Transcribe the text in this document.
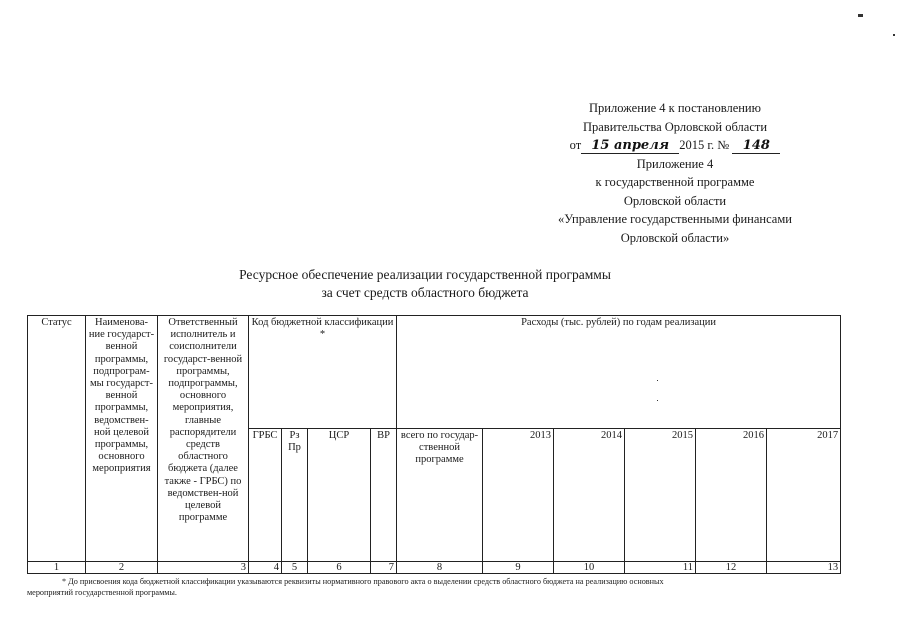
Приложение 4 к постановлению
Правительства Орловской области
от 15 апреля 2015 г. № 148
Приложение 4
к государственной программе
Орловской области
«Управление государственными финансами
Орловской области»
Ресурсное обеспечение реализации государственной программы
за счет средств областного бюджета
Статус	Наименова-ние государст-венной программы, подпрограм-мы государст-венной программы, ведомствен-ной целевой программы, основного мероприятия	Ответственный исполнитель и соисполнители государст-венной программы, подпрограммы, основного мероприятия, главные распорядители средств областного бюджета (далее также - ГРБС) по ведомствен-ной целевой программе	Код бюджетной классификации *				Расходы (тыс. рублей) по годам реализации					
			ГРБС	Рз Пр	ЦСР	ВР	всего по государ-ственной программе	2013	2014	2015	2016	2017
1	2	3	4	5	6	7	8	9	10	11	12	13
* До присвоения кода бюджетной классификации указываются реквизиты нормативного правового акта о выделении средств областного бюджета на реализацию основных
мероприятий государственной программы.
